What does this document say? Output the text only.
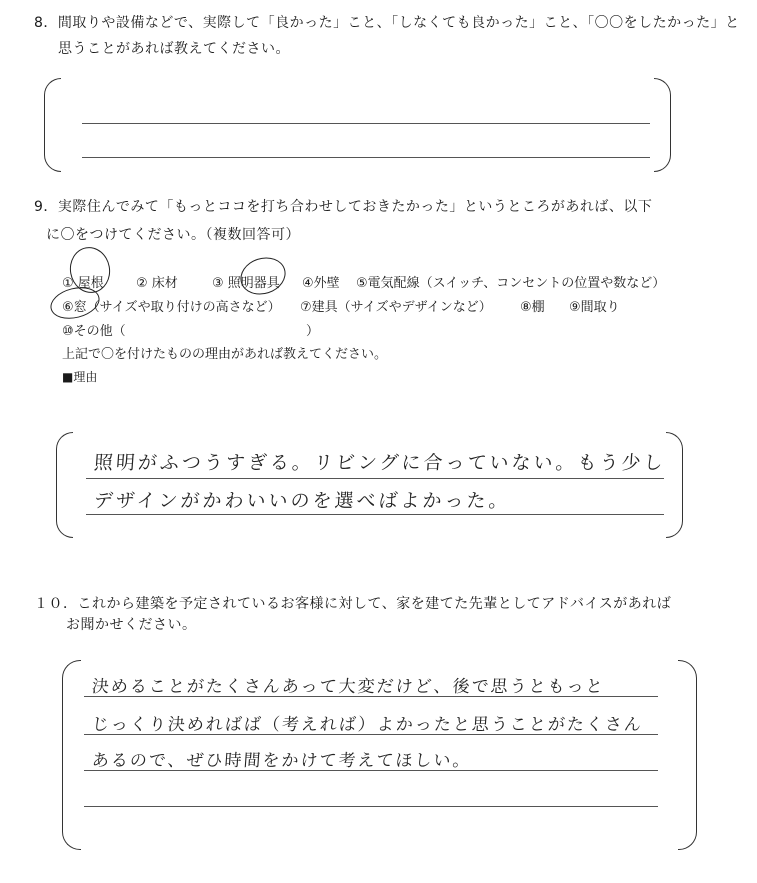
8．間取りや設備などで、実際して「良かった」こと、「しなくても良かった」こと、「〇〇をしたかった」と
思うことがあれば教えてください。
9．実際住んでみて「もっとココを打ち合わせしておきたかった」というところがあれば、以下
に〇をつけてください。（複数回答可）
① 屋根 ② 床材	③ 照明器具 ④外壁 ⑤電気配線（スイッチ、コンセントの位置や数など）
⑥窓（サイズや取り付けの高さなど） ⑦建具（サイズやデザインなど） ⑧棚 ⑨間取り
⑩その他（	）
上記で〇を付けたものの理由があれば教えてください。
■理由
照明がふつうすぎる。リビングに合っていない。もう少し
デザインがかわいいのを選べばよかった。
１０．これから建築を予定されているお客様に対して、家を建てた先輩としてアドバイスがあれば
お聞かせください。
決めることがたくさんあって大変だけど、後で思うともっと
じっくり決めればば（考えれば）よかったと思うことがたくさん
あるので、ぜひ時間をかけて考えてほしい。
